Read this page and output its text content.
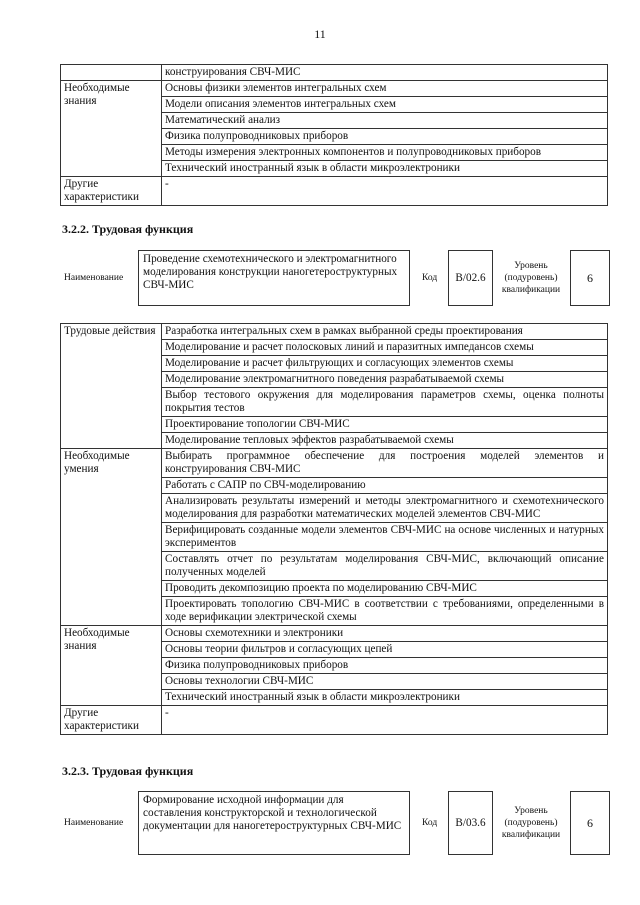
11
	конструирования СВЧ-МИС
Необходимые знания	Основы физики элементов интегральных схем
	Модели описания элементов интегральных схем
	Математический анализ
	Физика полупроводниковых приборов
	Методы измерения электронных компонентов и полупроводниковых приборов
	Технический иностранный язык в области микроэлектроники
Другие характеристики	-
3.2.2. Трудовая функция
Наименование
Проведение схемотехнического и электромагнитного моделирования конструкции наногетероструктурных СВЧ-МИС
Код	В/02.6
Уровень (подуровень) квалификации
6
Трудовые действия	Разработка интегральных схем в рамках выбранной среды проектирования
	Моделирование и расчет полосковых линий и паразитных импедансов схемы
	Моделирование и расчет фильтрующих и согласующих элементов схемы
	Моделирование электромагнитного поведения разрабатываемой схемы
	Выбор тестового окружения для моделирования параметров схемы, оценка полноты покрытия тестов
	Проектирование топологии СВЧ-МИС
	Моделирование тепловых эффектов разрабатываемой схемы
Необходимые умения	Выбирать программное обеспечение для построения моделей элементов и конструирования СВЧ-МИС
	Работать с САПР по СВЧ-моделированию
	Анализировать результаты измерений и методы электромагнитного и схемотехнического моделирования для разработки математических моделей элементов СВЧ-МИС
	Верифицировать созданные модели элементов СВЧ-МИС на основе численных и натурных экспериментов
	Составлять отчет по результатам моделирования СВЧ-МИС, включающий описание полученных моделей
	Проводить декомпозицию проекта по моделированию СВЧ-МИС
	Проектировать топологию СВЧ-МИС в соответствии с требованиями, определенными в ходе верификации электрической схемы
Необходимые знания	Основы схемотехники и электроники
	Основы теории фильтров и согласующих цепей
	Физика полупроводниковых приборов
	Основы технологии СВЧ-МИС
	Технический иностранный язык в области микроэлектроники
Другие характеристики	-
3.2.3. Трудовая функция
Наименование
Формирование исходной информации для составления конструкторской и технологической документации для наногетероструктурных СВЧ-МИС	Код	В/03.6
Уровень (подуровень) квалификации
6
